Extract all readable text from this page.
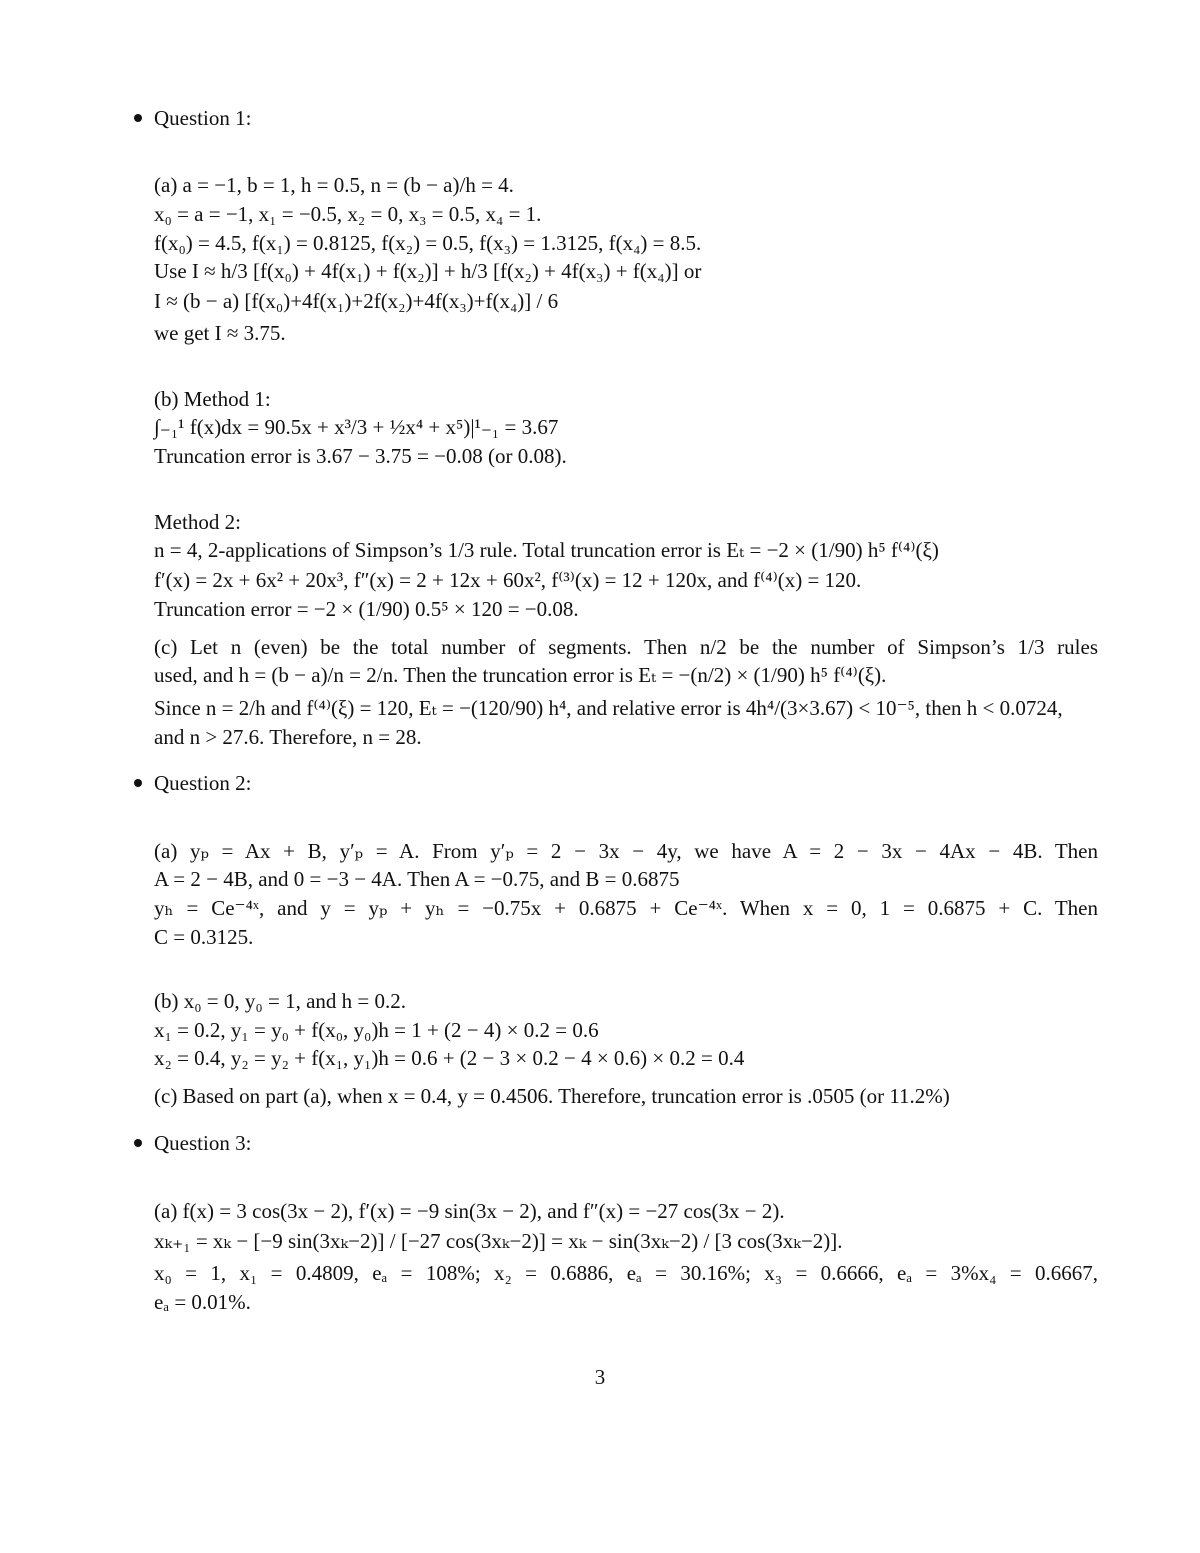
Question 1:
(a) a = −1, b = 1, h = 0.5, n = (b − a)/h = 4.
x₀ = a = −1, x₁ = −0.5, x₂ = 0, x₃ = 0.5, x₄ = 1.
f(x₀) = 4.5, f(x₁) = 0.8125, f(x₂) = 0.5, f(x₃) = 1.3125, f(x₄) = 8.5.
Use I ≈ h/3 [f(x₀) + 4f(x₁) + f(x₂)] + h/3 [f(x₂) + 4f(x₃) + f(x₄)] or
I ≈ (b − a) [f(x₀)+4f(x₁)+2f(x₂)+4f(x₃)+f(x₄)] / 6
we get I ≈ 3.75.
(b) Method 1:
∫₋₁¹ f(x)dx = 90.5x + x³/3 + ½x⁴ + x⁵)|¹₋₁ = 3.67
Truncation error is 3.67 − 3.75 = −0.08 (or 0.08).
Method 2:
n = 4, 2-applications of Simpson’s 1/3 rule. Total truncation error is Eₜ = −2 × (1/90) h⁵ f⁽⁴⁾(ξ)
f′(x) = 2x + 6x² + 20x³, f″(x) = 2 + 12x + 60x², f⁽³⁾(x) = 12 + 120x, and f⁽⁴⁾(x) = 120.
Truncation error = −2 × (1/90) 0.5⁵ × 120 = −0.08.
(c) Let n (even) be the total number of segments. Then n/2 be the number of Simpson’s 1/3 rules
used, and h = (b − a)/n = 2/n. Then the truncation error is Eₜ = −(n/2) × (1/90) h⁵ f⁽⁴⁾(ξ).
Since n = 2/h and f⁽⁴⁾(ξ) = 120, Eₜ = −(120/90) h⁴, and relative error is 4h⁴/(3×3.67) < 10⁻⁵, then h < 0.0724,
and n > 27.6. Therefore, n = 28.
Question 2:
(a) yₚ = Ax + B, y′ₚ = A. From y′ₚ = 2 − 3x − 4y, we have A = 2 − 3x − 4Ax − 4B. Then
A = 2 − 4B, and 0 = −3 − 4A. Then A = −0.75, and B = 0.6875
yₕ = Ce⁻⁴ˣ, and y = yₚ + yₕ = −0.75x + 0.6875 + Ce⁻⁴ˣ. When x = 0, 1 = 0.6875 + C. Then
C = 0.3125.
(b) x₀ = 0, y₀ = 1, and h = 0.2.
x₁ = 0.2, y₁ = y₀ + f(x₀, y₀)h = 1 + (2 − 4) × 0.2 = 0.6
x₂ = 0.4, y₂ = y₂ + f(x₁, y₁)h = 0.6 + (2 − 3 × 0.2 − 4 × 0.6) × 0.2 = 0.4
(c) Based on part (a), when x = 0.4, y = 0.4506. Therefore, truncation error is .0505 (or 11.2%)
Question 3:
(a) f(x) = 3 cos(3x − 2), f′(x) = −9 sin(3x − 2), and f″(x) = −27 cos(3x − 2).
xₖ₊₁ = xₖ − [−9 sin(3xₖ−2)] / [−27 cos(3xₖ−2)] = xₖ − sin(3xₖ−2) / [3 cos(3xₖ−2)].
x₀ = 1, x₁ = 0.4809, eₐ = 108%; x₂ = 0.6886, eₐ = 30.16%; x₃ = 0.6666, eₐ = 3%x₄ = 0.6667,
eₐ = 0.01%.
3
